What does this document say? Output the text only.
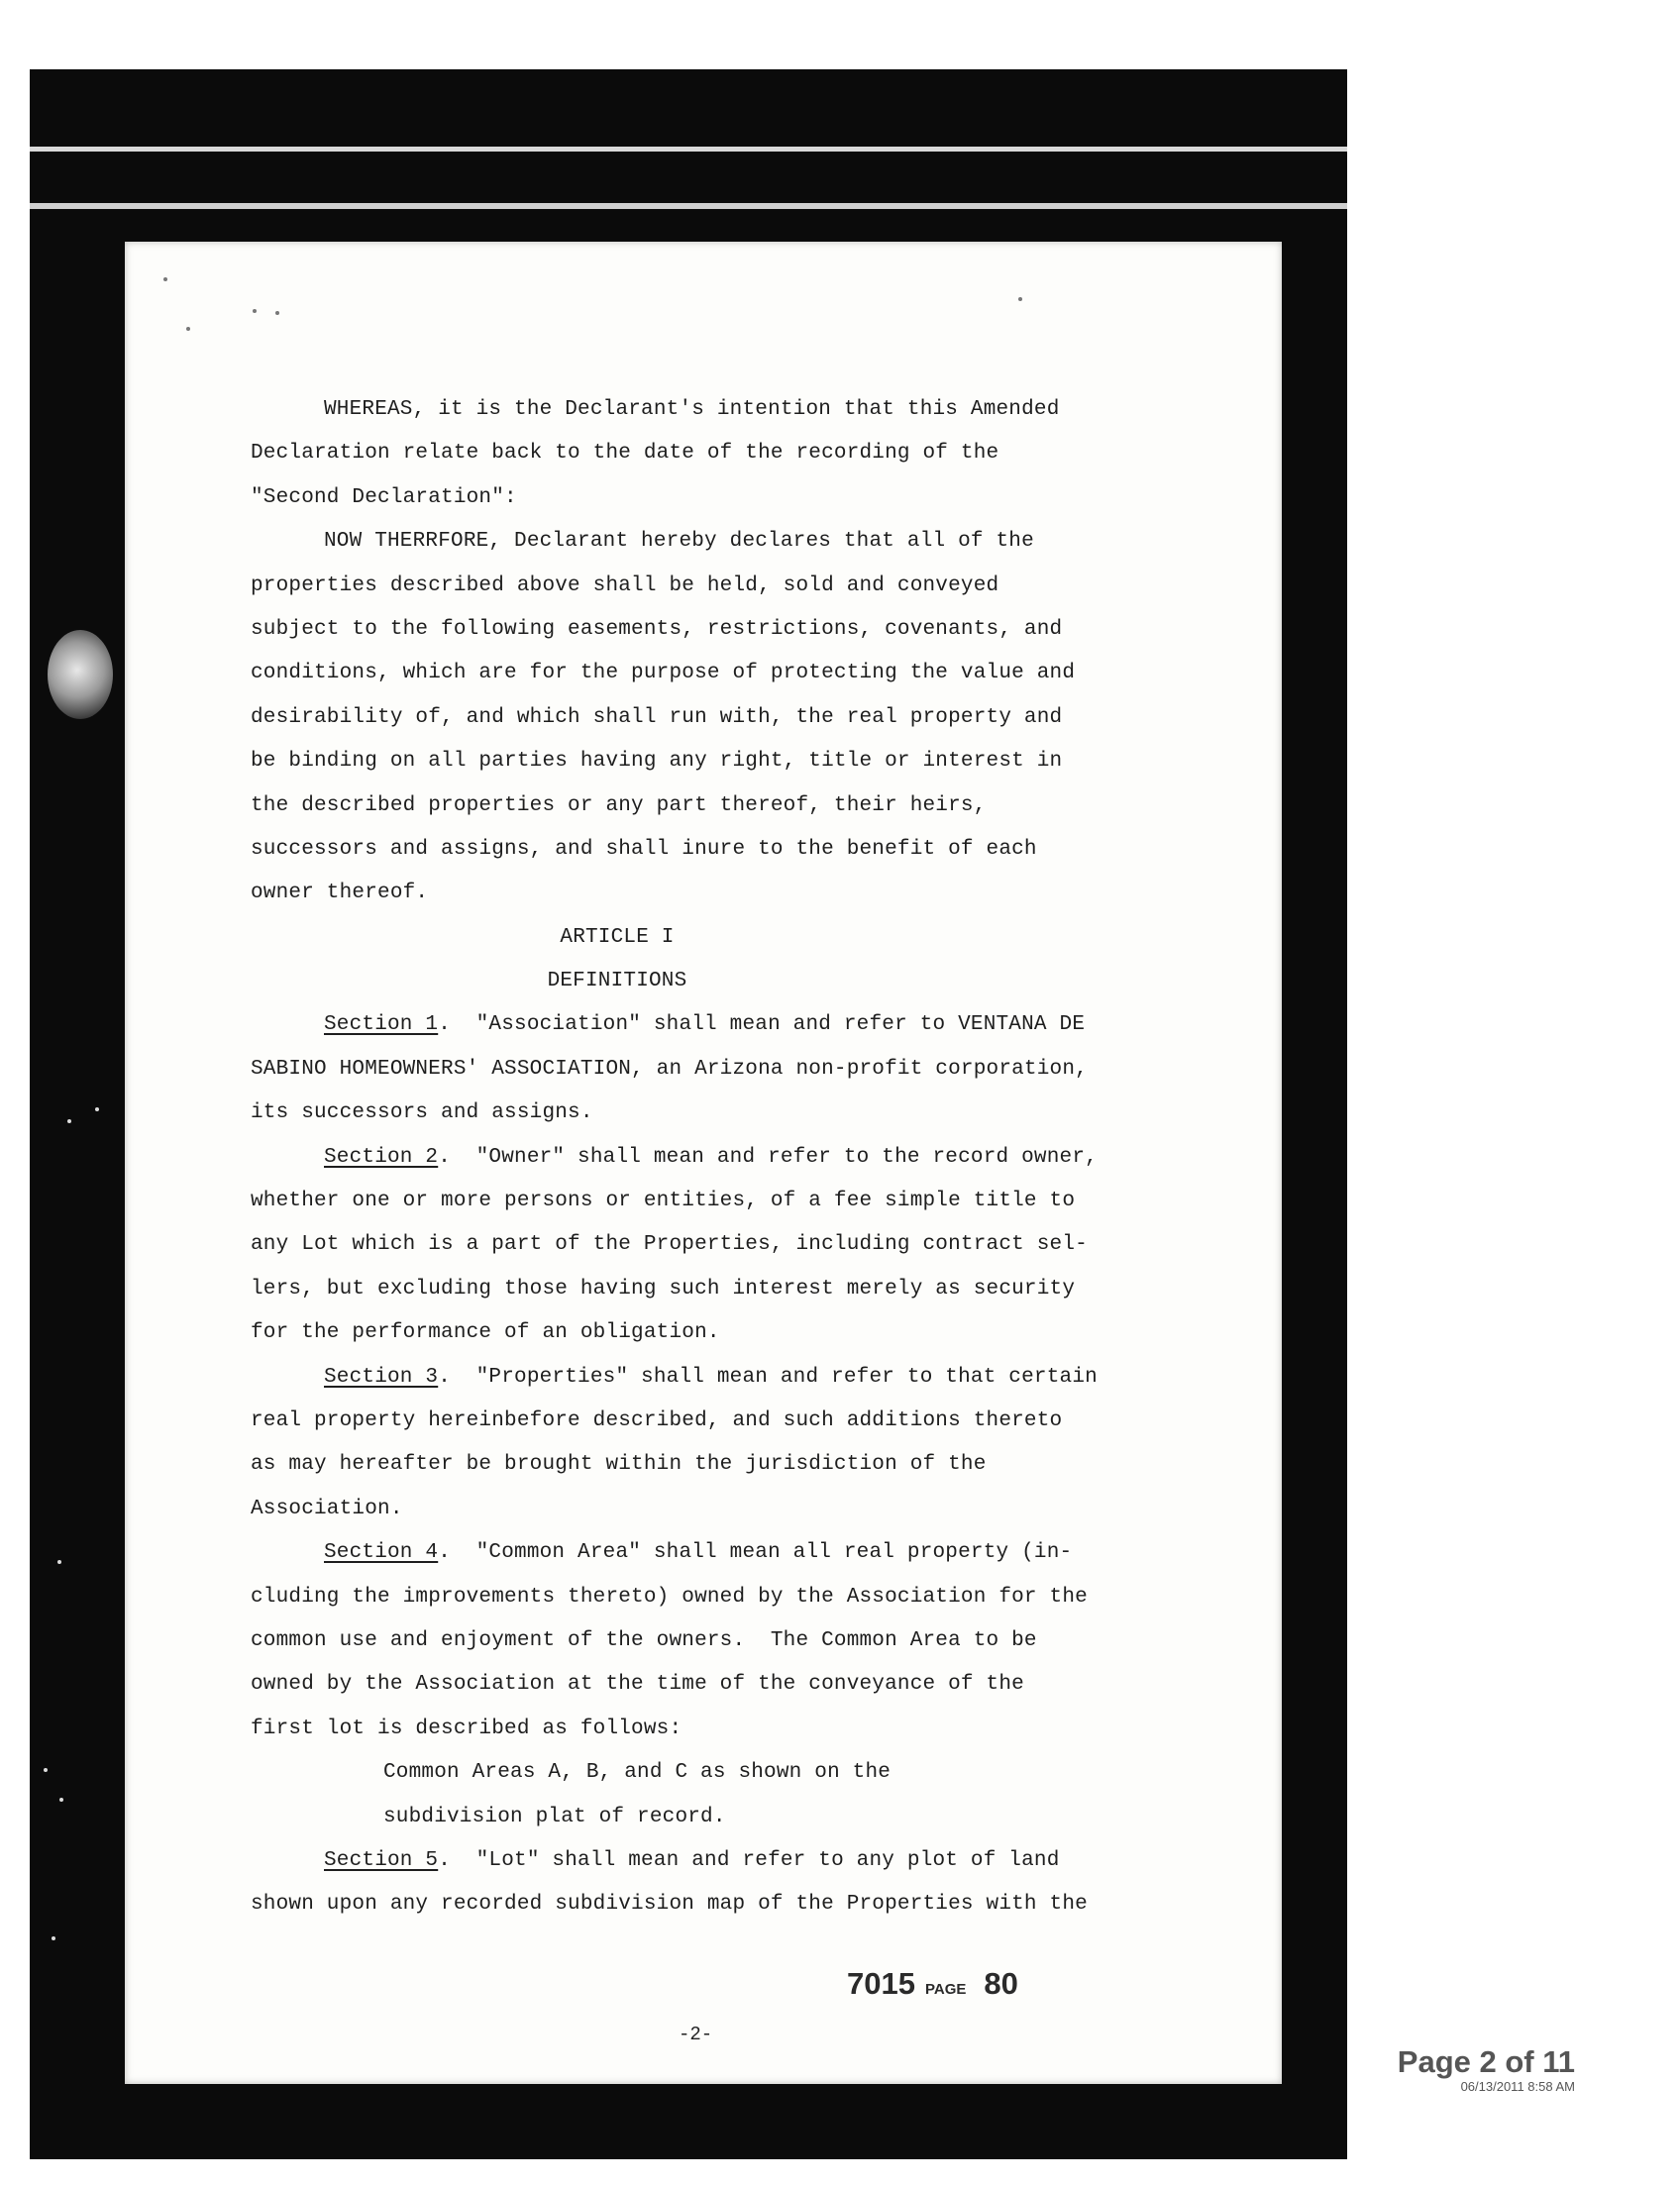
WHEREAS, it is the Declarant's intention that this Amended
Declaration relate back to the date of the recording of the
"Second Declaration":
NOW THERRFORE, Declarant hereby declares that all of the
properties described above shall be held, sold and conveyed
subject to the following easements, restrictions, covenants, and
conditions, which are for the purpose of protecting the value and
desirability of, and which shall run with, the real property and
be binding on all parties having any right, title or interest in
the described properties or any part thereof, their heirs,
successors and assigns, and shall inure to the benefit of each
owner thereof.
ARTICLE I
DEFINITIONS
Section 1.  "Association" shall mean and refer to VENTANA DE
SABINO HOMEOWNERS' ASSOCIATION, an Arizona non-profit corporation,
its successors and assigns.
Section 2.  "Owner" shall mean and refer to the record owner,
whether one or more persons or entities, of a fee simple title to
any Lot which is a part of the Properties, including contract sel-
lers, but excluding those having such interest merely as security
for the performance of an obligation.
Section 3.  "Properties" shall mean and refer to that certain
real property hereinbefore described, and such additions thereto
as may hereafter be brought within the jurisdiction of the
Association.
Section 4.  "Common Area" shall mean all real property (in-
cluding the improvements thereto) owned by the Association for the
common use and enjoyment of the owners.  The Common Area to be
owned by the Association at the time of the conveyance of the
first lot is described as follows:
Common Areas A, B, and C as shown on the
subdivision plat of record.
Section 5.  "Lot" shall mean and refer to any plot of land
shown upon any recorded subdivision map of the Properties with the
7015 PAGE 80
-2-
Page 2 of 11
06/13/2011 8:58 AM
